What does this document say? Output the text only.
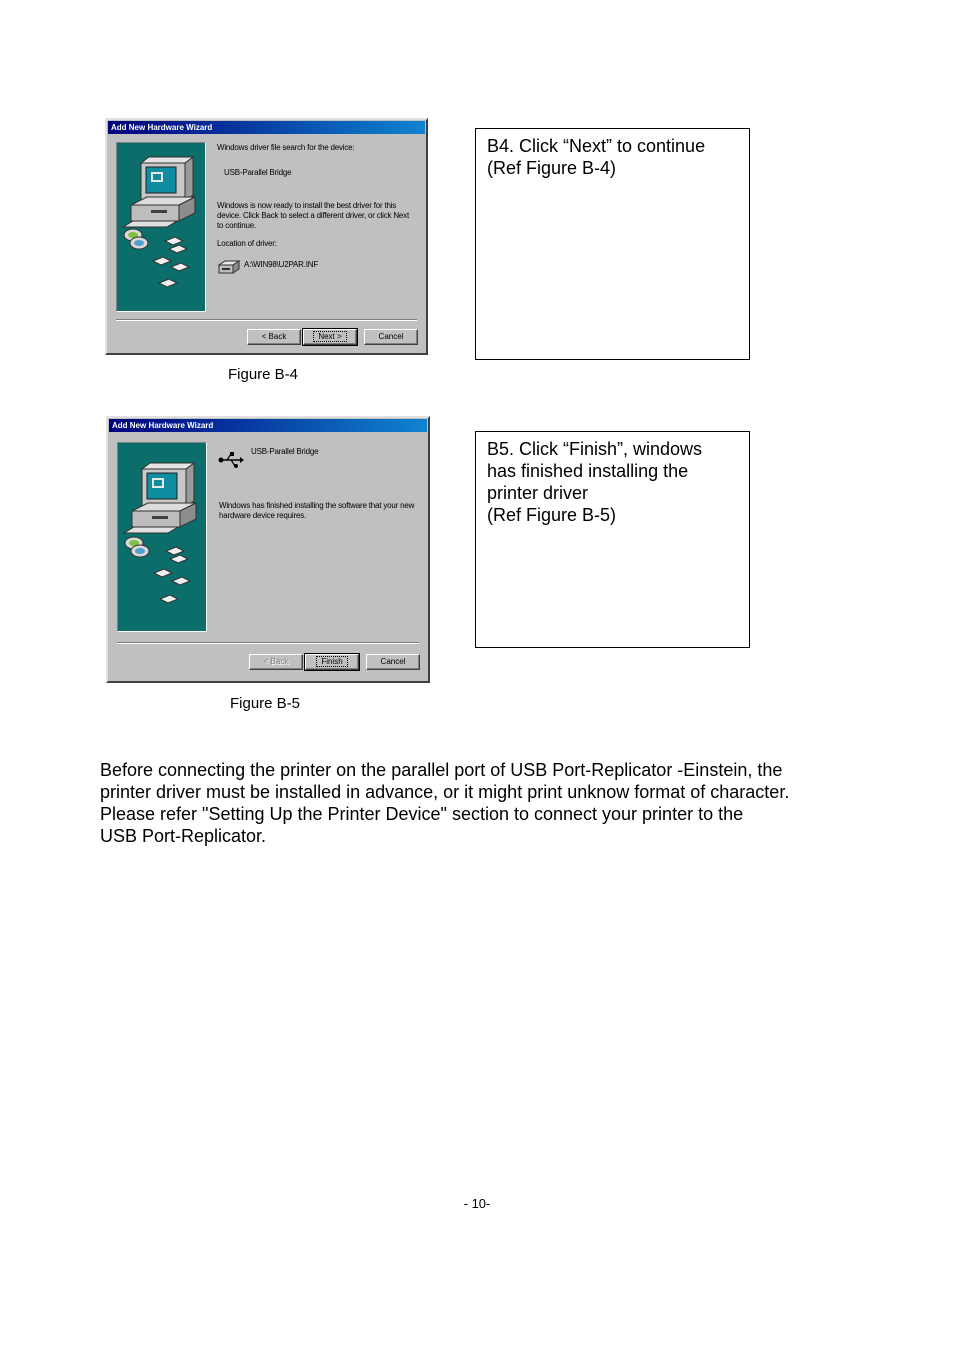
Add New Hardware Wizard
Windows driver file search for the device:
USB-Parallel Bridge
Windows is now ready to install the best driver for this
device. Click Back to select a different driver, or click Next
to continue.
Location of driver:
A:\WIN98\U2PAR.INF
< Back	Next >	Cancel
Figure B-4
B4. Click “Next” to continue
(Ref Figure B-4)
Add New Hardware Wizard
USB-Parallel Bridge
Windows has finished installing the software that your new
hardware device requires.
< Back	Finish	Cancel
Figure B-5
B5. Click “Finish”, windows
has finished installing the
printer driver
(Ref Figure B-5)
Before connecting the printer on the parallel port of USB Port-Replicator -Einstein, the
printer driver must be installed in advance, or it might print unknow format of character.
Please refer "Setting Up the Printer Device" section to connect your printer to the
USB Port-Replicator.
- 10-
